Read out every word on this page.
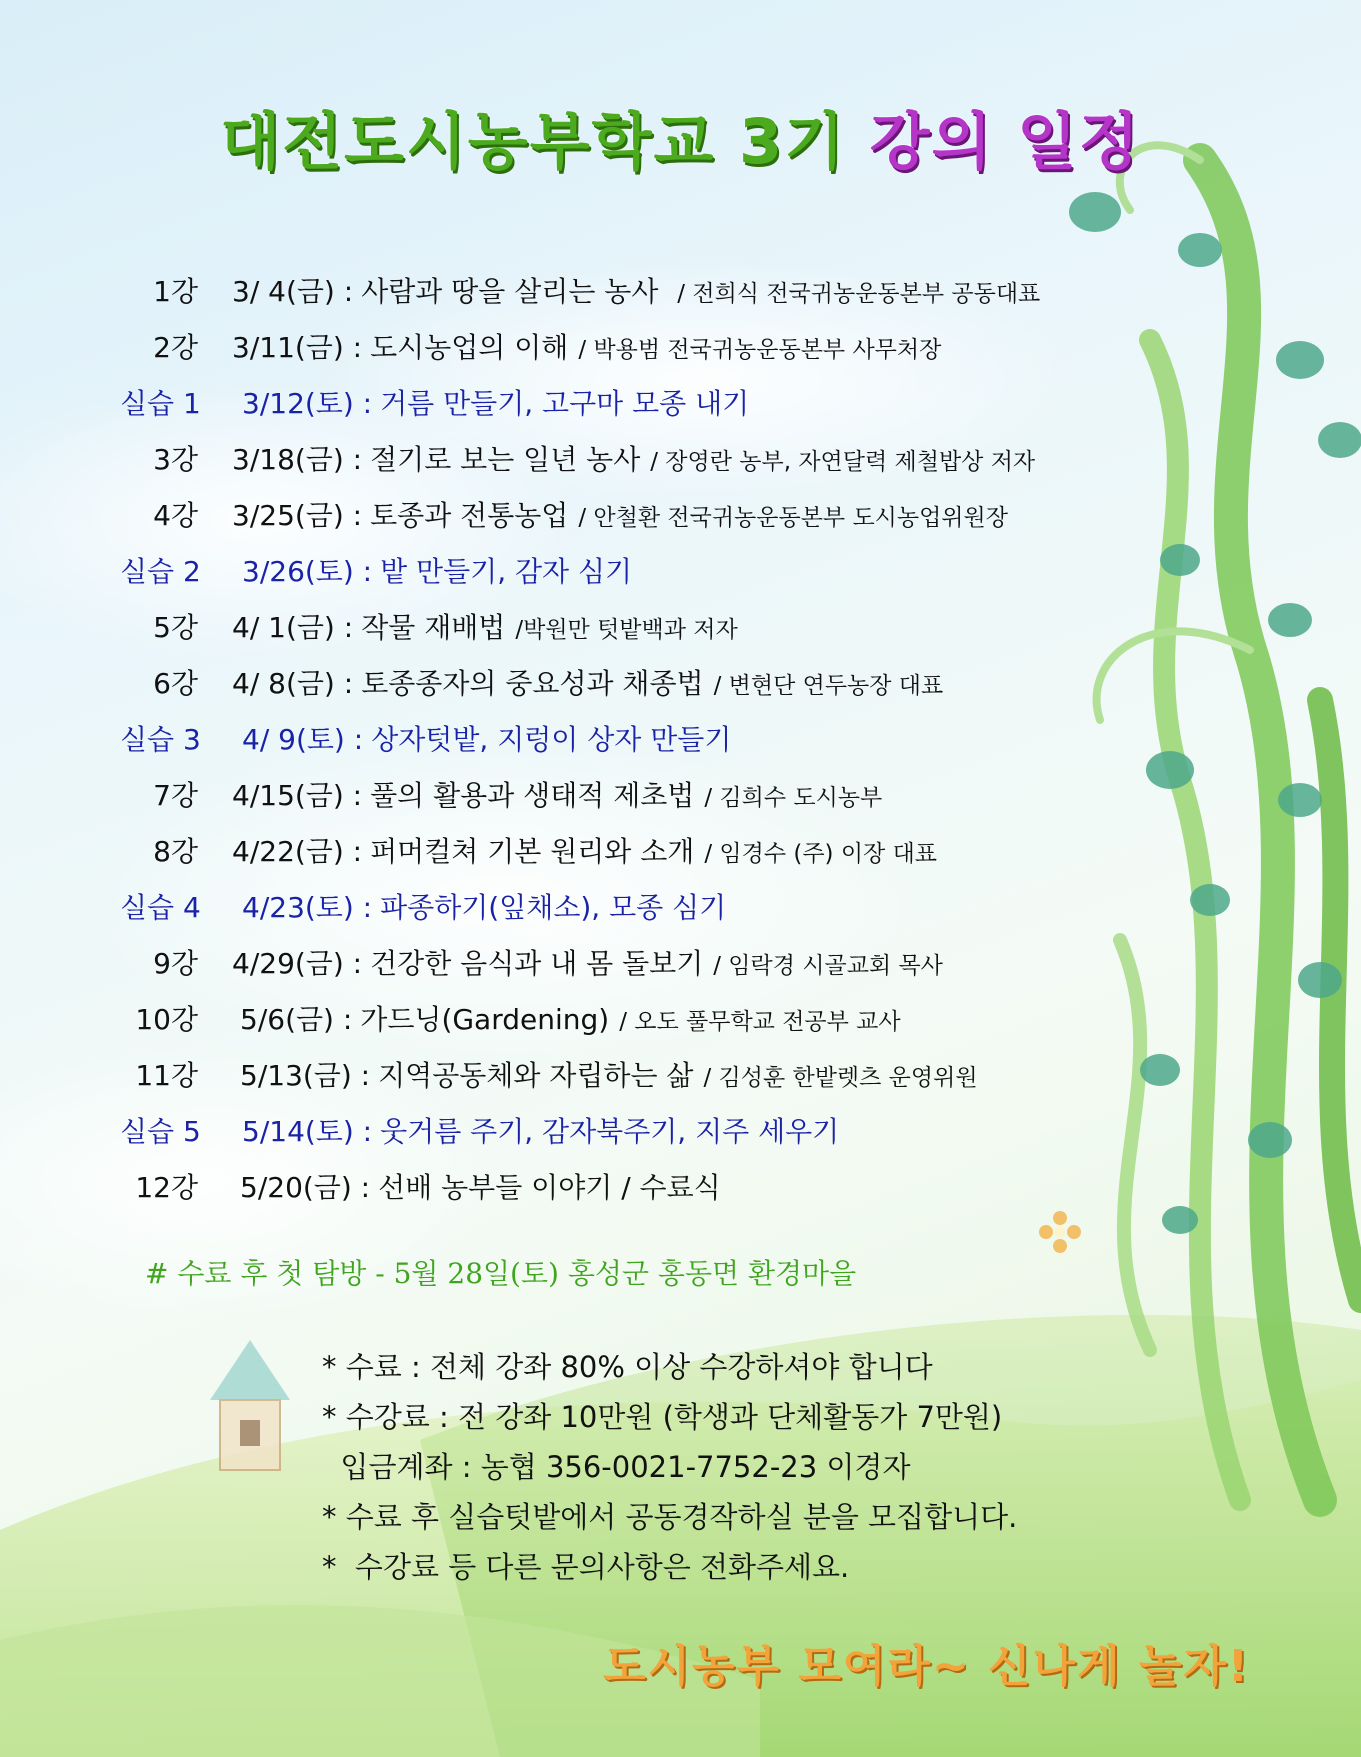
대전도시농부학교 3기 강의 일정
1강 3/ 4(금) : 사람과 땅을 살리는 농사 / 전희식 전국귀농운동본부 공동대표
2강 3/11(금) : 도시농업의 이해 / 박용범 전국귀농운동본부 사무처장
실습 1 3/12(토) : 거름 만들기, 고구마 모종 내기
3강 3/18(금) : 절기로 보는 일년 농사 / 장영란 농부, 자연달력 제철밥상 저자
4강 3/25(금) : 토종과 전통농업 / 안철환 전국귀농운동본부 도시농업위원장
실습 2 3/26(토) : 밭 만들기, 감자 심기
5강 4/ 1(금) : 작물 재배법 /박원만 텃밭백과 저자
6강 4/ 8(금) : 토종종자의 중요성과 채종법 / 변현단 연두농장 대표
실습 3 4/ 9(토) : 상자텃밭, 지렁이 상자 만들기
7강 4/15(금) : 풀의 활용과 생태적 제초법 / 김희수 도시농부
8강 4/22(금) : 퍼머컬쳐 기본 원리와 소개 / 임경수 (주) 이장 대표
실습 4 4/23(토) : 파종하기(잎채소), 모종 심기
9강 4/29(금) : 건강한 음식과 내 몸 돌보기 / 임락경 시골교회 목사
10강 5/6(금) : 가드닝(Gardening) / 오도 풀무학교 전공부 교사
11강 5/13(금) : 지역공동체와 자립하는 삶 / 김성훈 한밭렛츠 운영위원
실습 5 5/14(토) : 웃거름 주기, 감자북주기, 지주 세우기
12강 5/20(금) : 선배 농부들 이야기 / 수료식
# 수료 후 첫 탐방 - 5월 28일(토) 홍성군 홍동면 환경마을
* 수료 : 전체 강좌 80% 이상 수강하셔야 합니다
* 수강료 : 전 강좌 10만원 (학생과 단체활동가 7만원)
입금계좌 : 농협 356-0021-7752-23 이경자
* 수료 후 실습텃밭에서 공동경작하실 분을 모집합니다.
*  수강료 등 다른 문의사항은 전화주세요.
도시농부 모여라~ 신나게 놀자!
